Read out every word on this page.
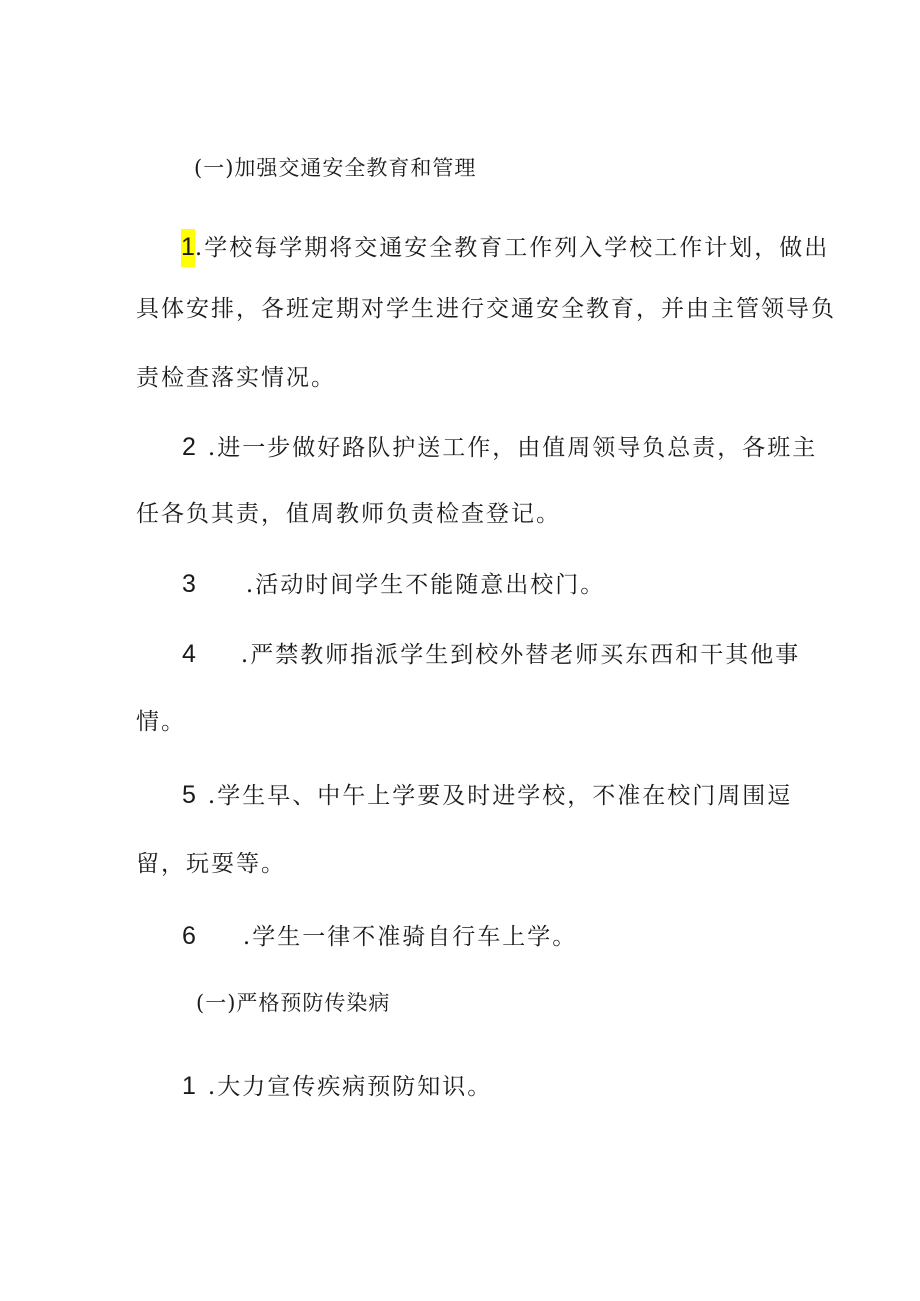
(一)加强交通安全教育和管理
1.学校每学期将交通安全教育工作列入学校工作计划，做出
具体安排，各班定期对学生进行交通安全教育，并由主管领导负
责检查落实情况。
2 .进一步做好路队护送工作，由值周领导负总责，各班主
任各负其责，值周教师负责检查登记。
3 .活动时间学生不能随意出校门。
4 .严禁教师指派学生到校外替老师买东西和干其他事
情。
5 .学生早、中午上学要及时进学校，不准在校门周围逗
留，玩耍等。
6 .学生一律不准骑自行车上学。
(一)严格预防传染病
1 .大力宣传疾病预防知识。
